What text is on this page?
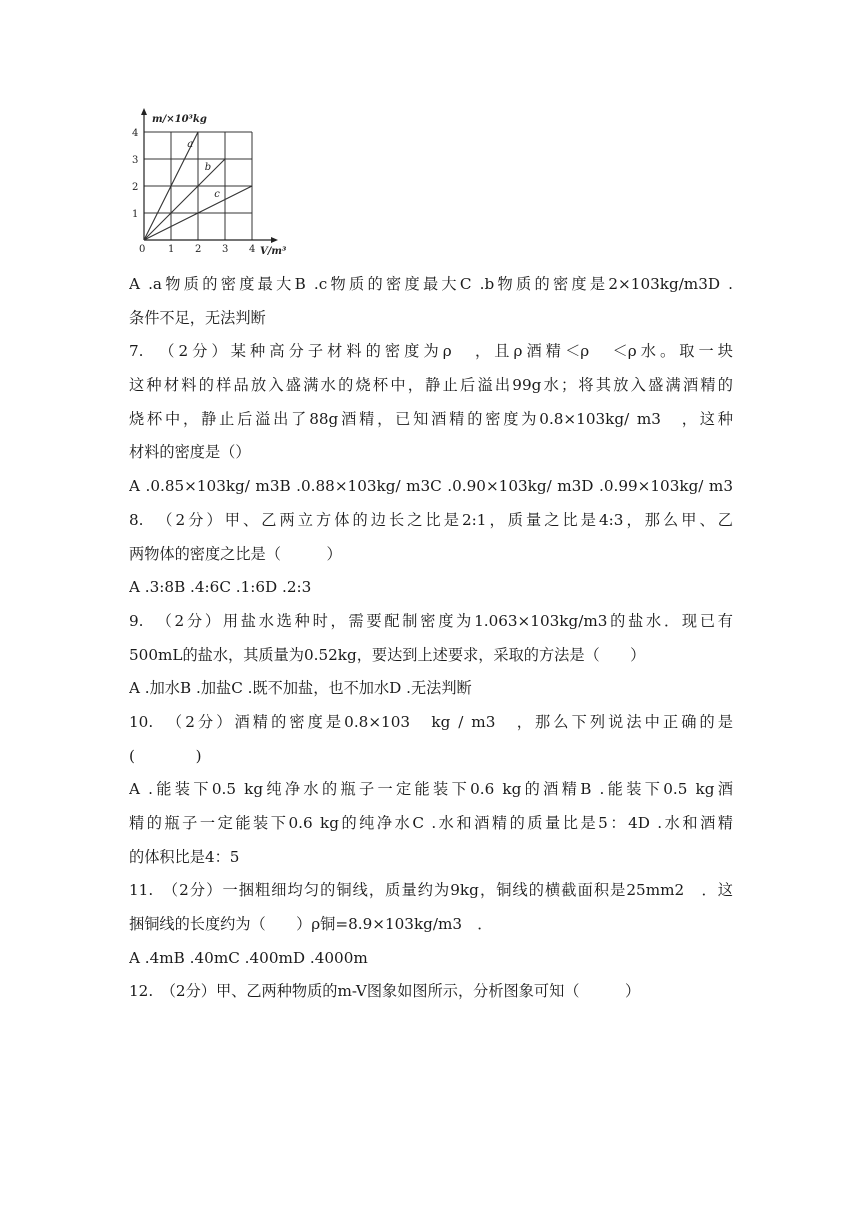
a
b
c
0 1 2 3 4
1
2
3
4
m/×10³kg
V/m³
A .a物质的密度最大B .c物质的密度最大C .b物质的密度是2×103kg/m3D .
条件不足，无法判断
7.　（2分）某种高分子材料的密度为ρ　，且ρ酒精＜ρ　＜ρ水。取一块
这种材料的样品放入盛满水的烧杯中，静止后溢出99g水；将其放入盛满酒精的
烧杯中，静止后溢出了88g酒精，已知酒精的密度为0.8×103kg/ m3　，这种
材料的密度是（）
A .0.85×103kg/ m3B .0.88×103kg/ m3C .0.90×103kg/ m3D .0.99×103kg/ m3
8.　（2分）甲、乙两立方体的边长之比是2:1，质量之比是4:3，那么甲、乙
两物体的密度之比是（　　　）
A .3:8B .4:6C .1:6D .2:3
9.　（2分）用盐水选种时，需要配制密度为1.063×103kg/m3的盐水．现已有
500mL的盐水，其质量为0.52kg，要达到上述要求，采取的方法是（　　）
A .加水B .加盐C .既不加盐，也不加水D .无法判断
10.　（2分）酒精的密度是0.8×103　kg / m3　，那么下列说法中正确的是
(　　　　)
A .能装下0.5 kg纯净水的瓶子一定能装下0.6 kg的酒精B .能装下0.5 kg酒
精的瓶子一定能装下0.6 kg的纯净水C .水和酒精的质量比是5：4D .水和酒精
的体积比是4：5
11.　（2分）一捆粗细均匀的铜线，质量约为9kg，铜线的横截面积是25mm2　．这
捆铜线的长度约为（　　）ρ铜=8.9×103kg/m3　．
A .4mB .40mC .400mD .4000m
12.　（2分）甲、乙两种物质的m-V图象如图所示，分析图象可知（　　　）
